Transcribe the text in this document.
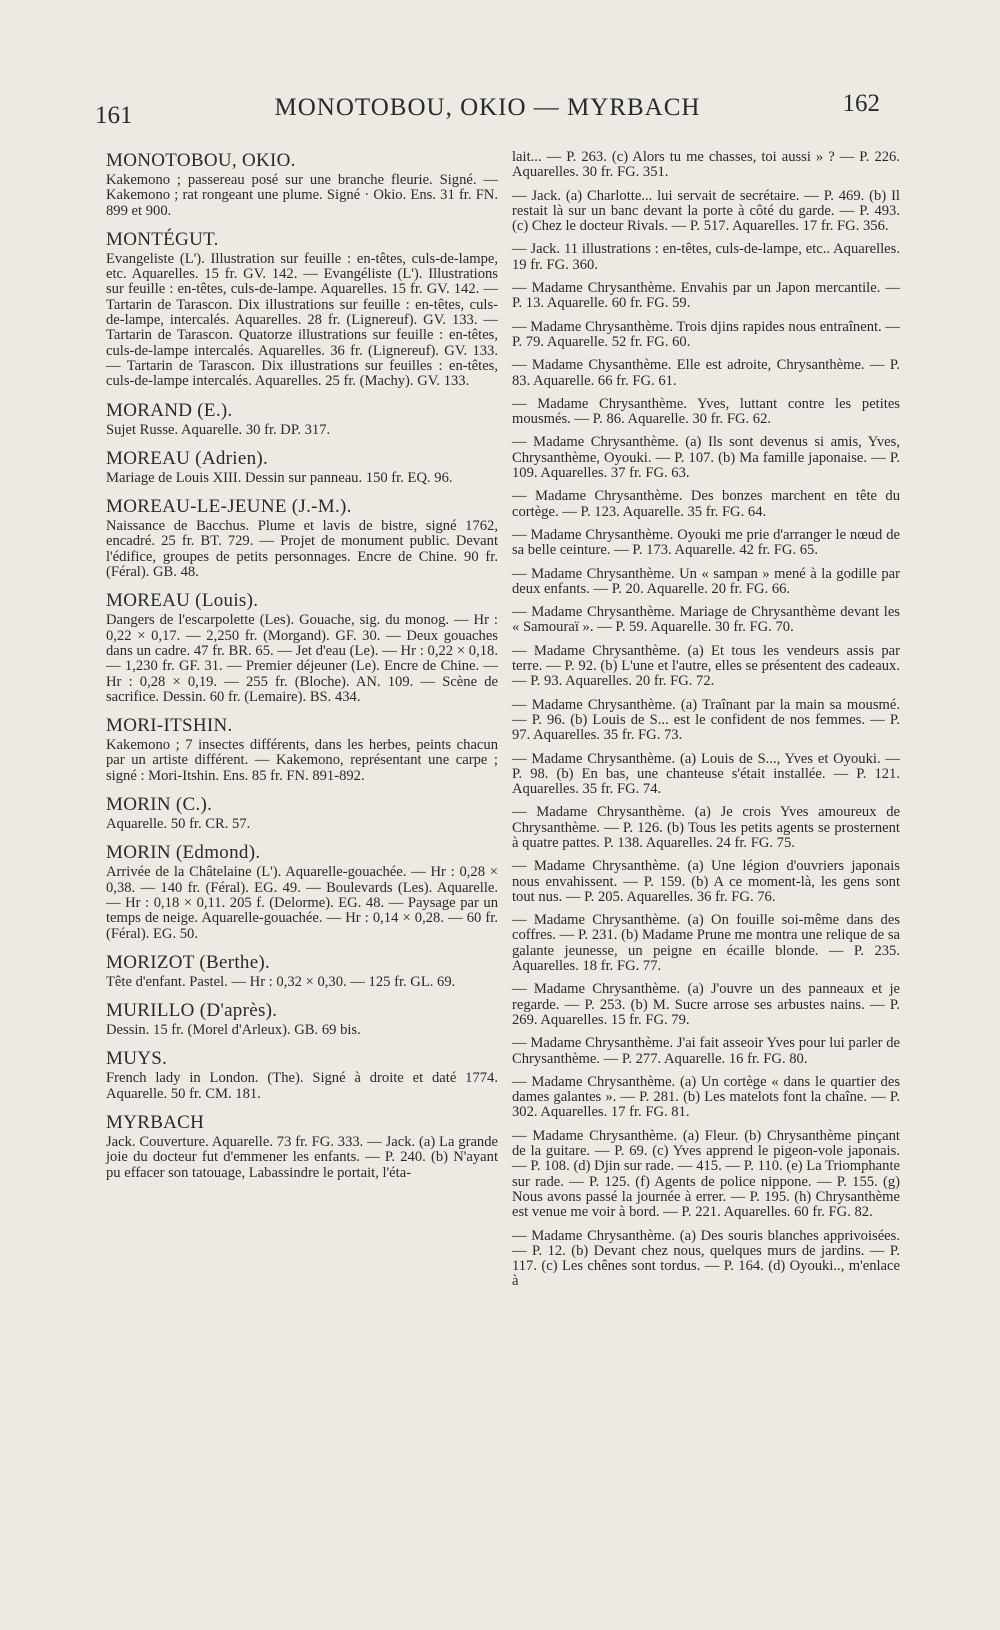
161	MONOTOBOU, OKIO — MYRBACH	162
MONOTOBOU, OKIO.
Kakemono ; passereau posé sur une branche fleurie. Signé. — Kakemono ; rat rongeant une plume. Signé · Okio. Ens. 31 fr. FN. 899 et 900.
MONTÉGUT.
Evangeliste (L'). Illustration sur feuille : en-têtes, culs-de-lampe, etc. Aquarelles. 15 fr. GV. 142. — Evangéliste (L'). Illustrations sur feuille : en-têtes, culs-de-lampe. Aquarelles. 15 fr. GV. 142. — Tartarin de Tarascon. Dix illustrations sur feuille : en-têtes, culs-de-lampe, intercalés. Aquarelles. 28 fr. (Lignereuf). GV. 133. — Tartarin de Tarascon. Quatorze illustrations sur feuille : en-têtes, culs-de-lampe intercalés. Aquarelles. 36 fr. (Lignereuf). GV. 133. — Tartarin de Tarascon. Dix illustrations sur feuilles : en-têtes, culs-de-lampe intercalés. Aquarelles. 25 fr. (Machy). GV. 133.
MORAND (E.).
Sujet Russe. Aquarelle. 30 fr. DP. 317.
MOREAU (Adrien).
Mariage de Louis XIII. Dessin sur panneau. 150 fr. EQ. 96.
MOREAU-LE-JEUNE (J.-M.).
Naissance de Bacchus. Plume et lavis de bistre, signé 1762, encadré. 25 fr. BT. 729. — Projet de monument public. Devant l'édifice, groupes de petits personnages. Encre de Chine. 90 fr. (Féral). GB. 48.
MOREAU (Louis).
Dangers de l'escarpolette (Les). Gouache, sig. du monog. — Hr : 0,22 × 0,17. — 2,250 fr. (Morgand). GF. 30. — Deux gouaches dans un cadre. 47 fr. BR. 65. — Jet d'eau (Le). — Hr : 0,22 × 0,18. — 1,230 fr. GF. 31. — Premier déjeuner (Le). Encre de Chine. — Hr : 0,28 × 0,19. — 255 fr. (Bloche). AN. 109. — Scène de sacrifice. Dessin. 60 fr. (Lemaire). BS. 434.
MORI-ITSHIN.
Kakemono ; 7 insectes différents, dans les herbes, peints chacun par un artiste différent. — Kakemono, représentant une carpe ; signé : Mori-Itshin. Ens. 85 fr. FN. 891-892.
MORIN (C.).
Aquarelle. 50 fr. CR. 57.
MORIN (Edmond).
Arrivée de la Châtelaine (L'). Aquarelle-gouachée. — Hr : 0,28 × 0,38. — 140 fr. (Féral). EG. 49. — Boulevards (Les). Aquarelle. — Hr : 0,18 × 0,11. 205 f. (Delorme). EG. 48. — Paysage par un temps de neige. Aquarelle-gouachée. — Hr : 0,14 × 0,28. — 60 fr. (Féral). EG. 50.
MORIZOT (Berthe).
Tête d'enfant. Pastel. — Hr : 0,32 × 0,30. — 125 fr. GL. 69.
MURILLO (D'après).
Dessin. 15 fr. (Morel d'Arleux). GB. 69 bis.
MUYS.
French lady in London. (The). Signé à droite et daté 1774. Aquarelle. 50 fr. CM. 181.
MYRBACH
Jack. Couverture. Aquarelle. 73 fr. FG. 333. — Jack. (a) La grande joie du docteur fut d'emmener les enfants. — P. 240. (b) N'ayant pu effacer son tatouage, Labassindre le portait, l'éta-
lait... — P. 263. (c) Alors tu me chasses, toi aussi » ? — P. 226. Aquarelles. 30 fr. FG. 351.
— Jack. (a) Charlotte... lui servait de secrétaire. — P. 469. (b) Il restait là sur un banc devant la porte à côté du garde. — P. 493. (c) Chez le docteur Rivals. — P. 517. Aquarelles. 17 fr. FG. 356.
— Jack. 11 illustrations : en-têtes, culs-de-lampe, etc.. Aquarelles. 19 fr. FG. 360.
— Madame Chrysanthème. Envahis par un Japon mercantile. — P. 13. Aquarelle. 60 fr. FG. 59.
— Madame Chrysanthème. Trois djins rapides nous entraînent. — P. 79. Aquarelle. 52 fr. FG. 60.
— Madame Chysanthème. Elle est adroite, Chrysanthème. — P. 83. Aquarelle. 66 fr. FG. 61.
— Madame Chrysanthème. Yves, luttant contre les petites mousmés. — P. 86. Aquarelle. 30 fr. FG. 62.
— Madame Chrysanthème. (a) Ils sont devenus si amis, Yves, Chrysanthème, Oyouki. — P. 107. (b) Ma famille japonaise. — P. 109. Aquarelles. 37 fr. FG. 63.
— Madame Chrysanthème. Des bonzes marchent en tête du cortège. — P. 123. Aquarelle. 35 fr. FG. 64.
— Madame Chrysanthème. Oyouki me prie d'arranger le nœud de sa belle ceinture. — P. 173. Aquarelle. 42 fr. FG. 65.
— Madame Chrysanthème. Un « sampan » mené à la godille par deux enfants. — P. 20. Aquarelle. 20 fr. FG. 66.
— Madame Chrysanthème. Mariage de Chrysanthème devant les « Samouraï ». — P. 59. Aquarelle. 30 fr. FG. 70.
— Madame Chrysanthème. (a) Et tous les vendeurs assis par terre. — P. 92. (b) L'une et l'autre, elles se présentent des cadeaux. — P. 93. Aquarelles. 20 fr. FG. 72.
— Madame Chrysanthème. (a) Traînant par la main sa mousmé. — P. 96. (b) Louis de S... est le confident de nos femmes. — P. 97. Aquarelles. 35 fr. FG. 73.
— Madame Chrysanthème. (a) Louis de S..., Yves et Oyouki. — P. 98. (b) En bas, une chanteuse s'était installée. — P. 121. Aquarelles. 35 fr. FG. 74.
— Madame Chrysanthème. (a) Je crois Yves amoureux de Chrysanthème. — P. 126. (b) Tous les petits agents se prosternent à quatre pattes. P. 138. Aquarelles. 24 fr. FG. 75.
— Madame Chrysanthème. (a) Une légion d'ouvriers japonais nous envahissent. — P. 159. (b) A ce moment-là, les gens sont tout nus. — P. 205. Aquarelles. 36 fr. FG. 76.
— Madame Chrysanthème. (a) On fouille soi-même dans des coffres. — P. 231. (b) Madame Prune me montra une relique de sa galante jeunesse, un peigne en écaille blonde. — P. 235. Aquarelles. 18 fr. FG. 77.
— Madame Chrysanthème. (a) J'ouvre un des panneaux et je regarde. — P. 253. (b) M. Sucre arrose ses arbustes nains. — P. 269. Aquarelles. 15 fr. FG. 79.
— Madame Chrysanthème. J'ai fait asseoir Yves pour lui parler de Chrysanthème. — P. 277. Aquarelle. 16 fr. FG. 80.
— Madame Chrysanthème. (a) Un cortège « dans le quartier des dames galantes ». — P. 281. (b) Les matelots font la chaîne. — P. 302. Aquarelles. 17 fr. FG. 81.
— Madame Chrysanthème. (a) Fleur. (b) Chrysanthème pinçant de la guitare. — P. 69. (c) Yves apprend le pigeon-vole japonais. — P. 108. (d) Djin sur rade. — 415. — P. 110. (e) La Triomphante sur rade. — P. 125. (f) Agents de police nippone. — P. 155. (g) Nous avons passé la journée à errer. — P. 195. (h) Chrysanthème est venue me voir à bord. — P. 221. Aquarelles. 60 fr. FG. 82.
— Madame Chrysanthème. (a) Des souris blanches apprivoisées. — P. 12. (b) Devant chez nous, quelques murs de jardins. — P. 117. (c) Les chênes sont tordus. — P. 164. (d) Oyouki.., m'enlace à
